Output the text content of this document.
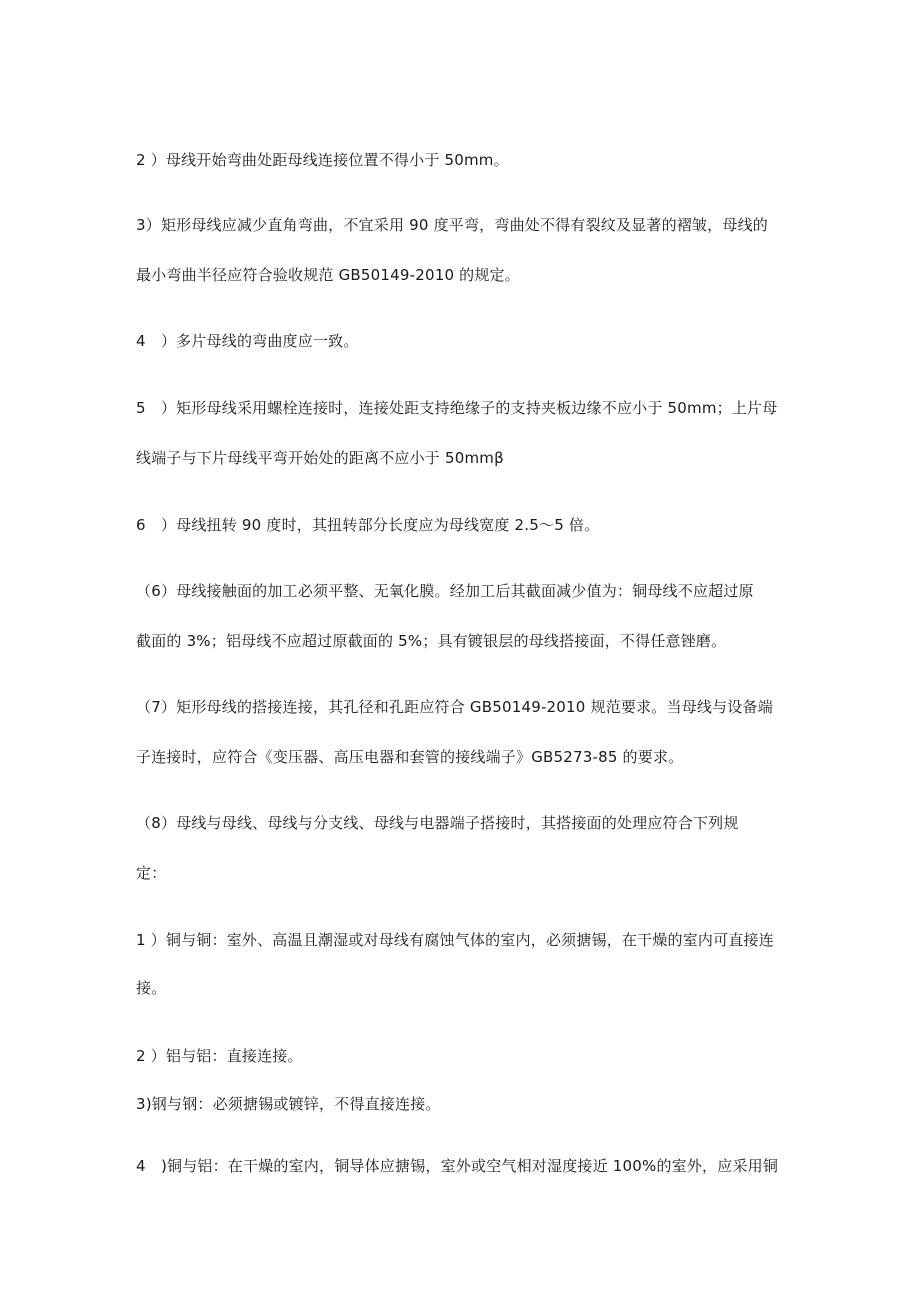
2 ）母线开始弯曲处距母线连接位置不得小于 50mm。
3）矩形母线应减少直角弯曲，不宜采用 90 度平弯，弯曲处不得有裂纹及显著的褶皱，母线的
最小弯曲半径应符合验收规范 GB50149-2010 的规定。
4　）多片母线的弯曲度应一致。
5　）矩形母线采用螺栓连接时，连接处距支持绝缘子的支持夹板边缘不应小于 50mm；上片母
线端子与下片母线平弯开始处的距离不应小于 50mmβ
6　）母线扭转 90 度时，其扭转部分长度应为母线宽度 2.5～5 倍。
（6）母线接触面的加工必须平整、无氧化膜。经加工后其截面减少值为：铜母线不应超过原
截面的 3%；铝母线不应超过原截面的 5%；具有镀银层的母线搭接面，不得任意锉磨。
（7）矩形母线的搭接连接，其孔径和孔距应符合 GB50149-2010 规范要求。当母线与设备端
子连接时，应符合《变压器、高压电器和套管的接线端子》GB5273-85 的要求。
（8）母线与母线、母线与分支线、母线与电器端子搭接时，其搭接面的处理应符合下列规
定：
1 ）铜与铜：室外、高温且潮湿或对母线有腐蚀气体的室内，必须搪锡，在干燥的室内可直接连
接。
2 ）铝与铝：直接连接。
3)钢与钢：必须搪锡或镀锌，不得直接连接。
4　)铜与铝：在干燥的室内，铜导体应搪锡，室外或空气相对湿度接近 100%的室外，应采用铜
